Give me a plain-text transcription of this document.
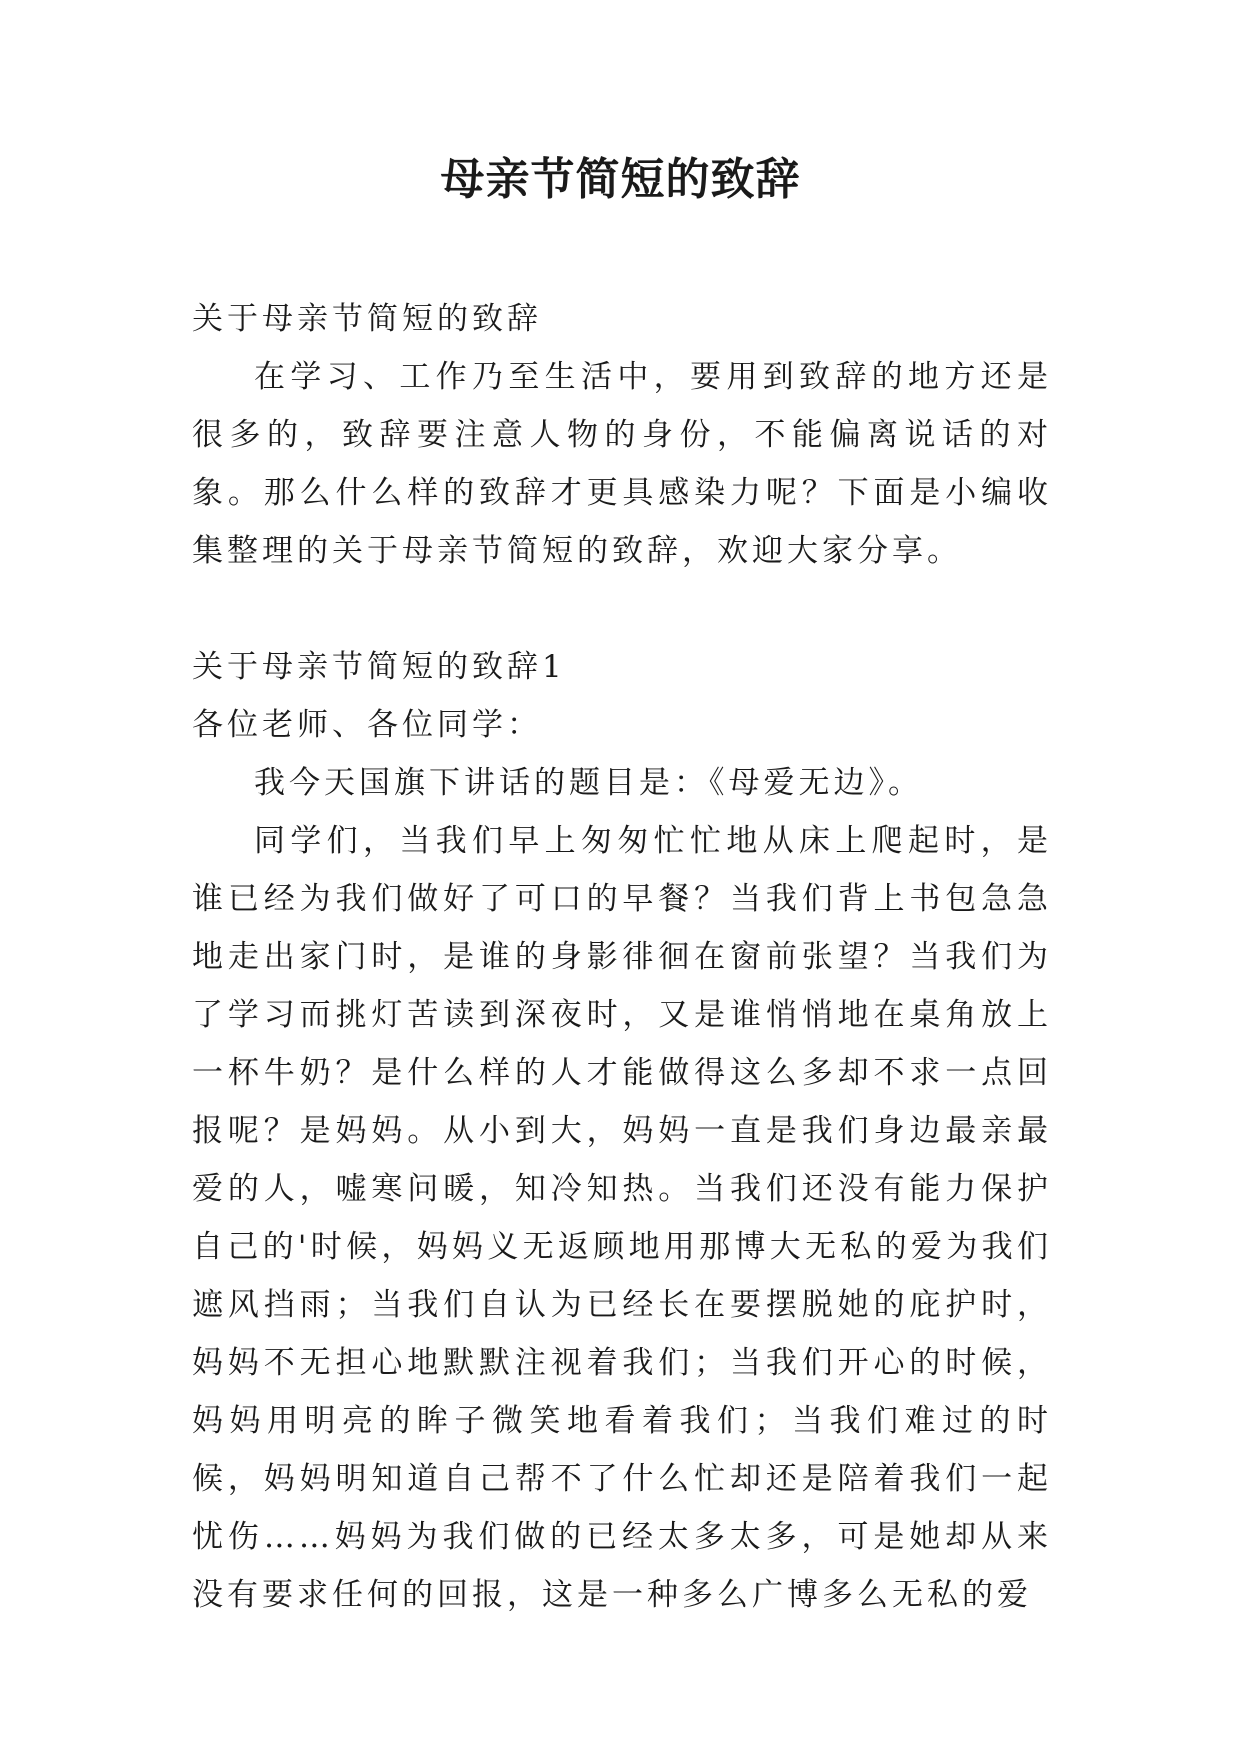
母亲节简短的致辞

关于母亲节简短的致辞

在学习、工作乃至生活中，要用到致辞的地方还是很多的，致辞要注意人物的身份，不能偏离说话的对象。那么什么样的致辞才更具感染力呢？下面是小编收集整理的关于母亲节简短的致辞，欢迎大家分享。

关于母亲节简短的致辞1

各位老师、各位同学：

我今天国旗下讲话的题目是：《母爱无边》。

同学们，当我们早上匆匆忙忙地从床上爬起时，是谁已经为我们做好了可口的早餐？当我们背上书包急急地走出家门时，是谁的身影徘徊在窗前张望？当我们为了学习而挑灯苦读到深夜时，又是谁悄悄地在桌角放上一杯牛奶？是什么样的人才能做得这么多却不求一点回报呢？是妈妈。从小到大，妈妈一直是我们身边最亲最爱的人，嘘寒问暖，知冷知热。当我们还没有能力保护自己的'时候，妈妈义无返顾地用那博大无私的爱为我们遮风挡雨；当我们自认为已经长在要摆脱她的庇护时，妈妈不无担心地默默注视着我们；当我们开心的时候，妈妈用明亮的眸子微笑地看着我们；当我们难过的时候，妈妈明知道自己帮不了什么忙却还是陪着我们一起忧伤……妈妈为我们做的已经太多太多，可是她却从来没有要求任何的回报，这是一种多么广博多么无私的爱
